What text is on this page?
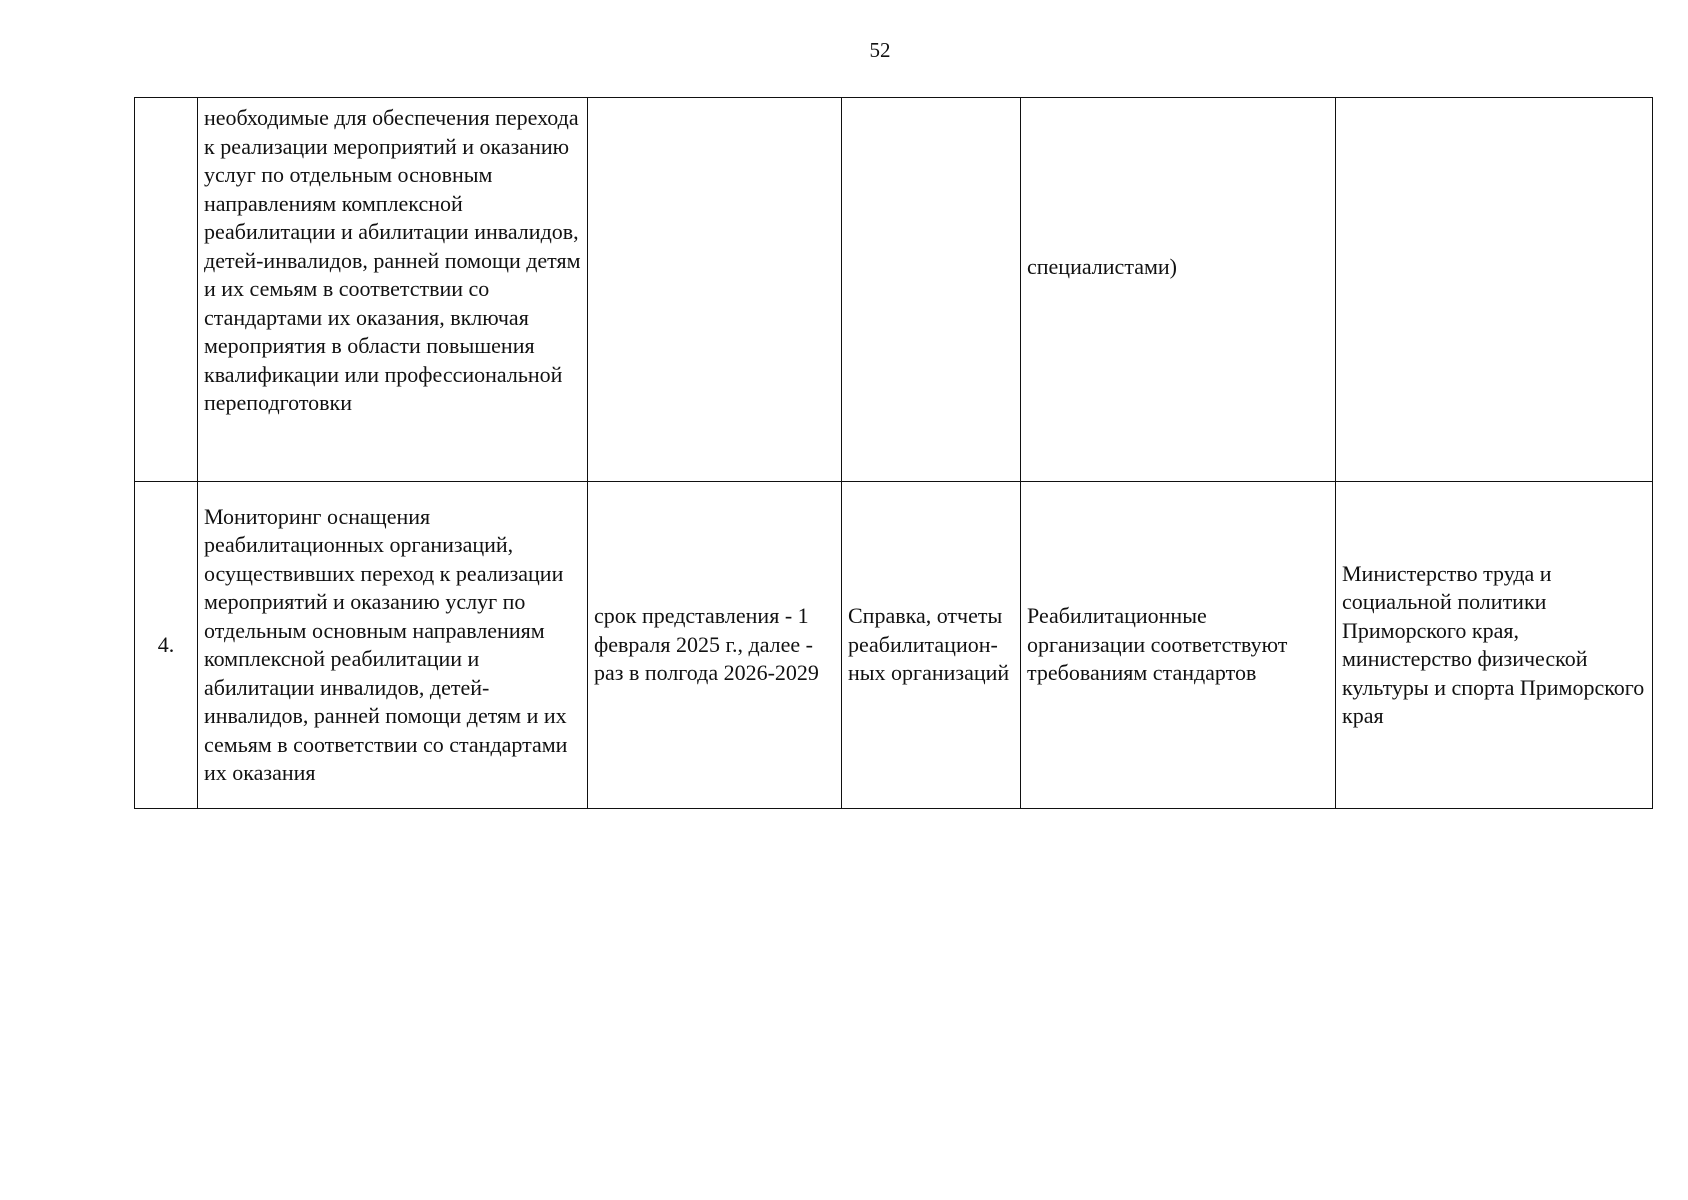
52
	необходимые для обеспечения перехода к реализации мероприятий и оказанию услуг по отдельным основным направлениям комплексной реабилитации и абилитации инвалидов, детей-инвалидов, ранней помощи детям и их семьям в соответствии со стандартами их оказания, включая мероприятия в области повышения квалификации или профессиональной переподготовки			специалистами)	
4.	Мониторинг оснащения реабилитационных организаций, осуществивших переход к реализации мероприятий и оказанию услуг по отдельным основным направлениям комплексной реабилитации и абилитации инвалидов, детей-инвалидов, ранней помощи детям и их семьям в соответствии со стандартами их оказания	срок представления - 1 февраля 2025 г., далее - раз в полгода 2026-2029	Справка, отчеты реабилитацион-ных организаций	Реабилитационные организации соответствуют требованиям стандартов	Министерство труда и социальной политики Приморского края, министерство физической культуры и спорта Приморского края
